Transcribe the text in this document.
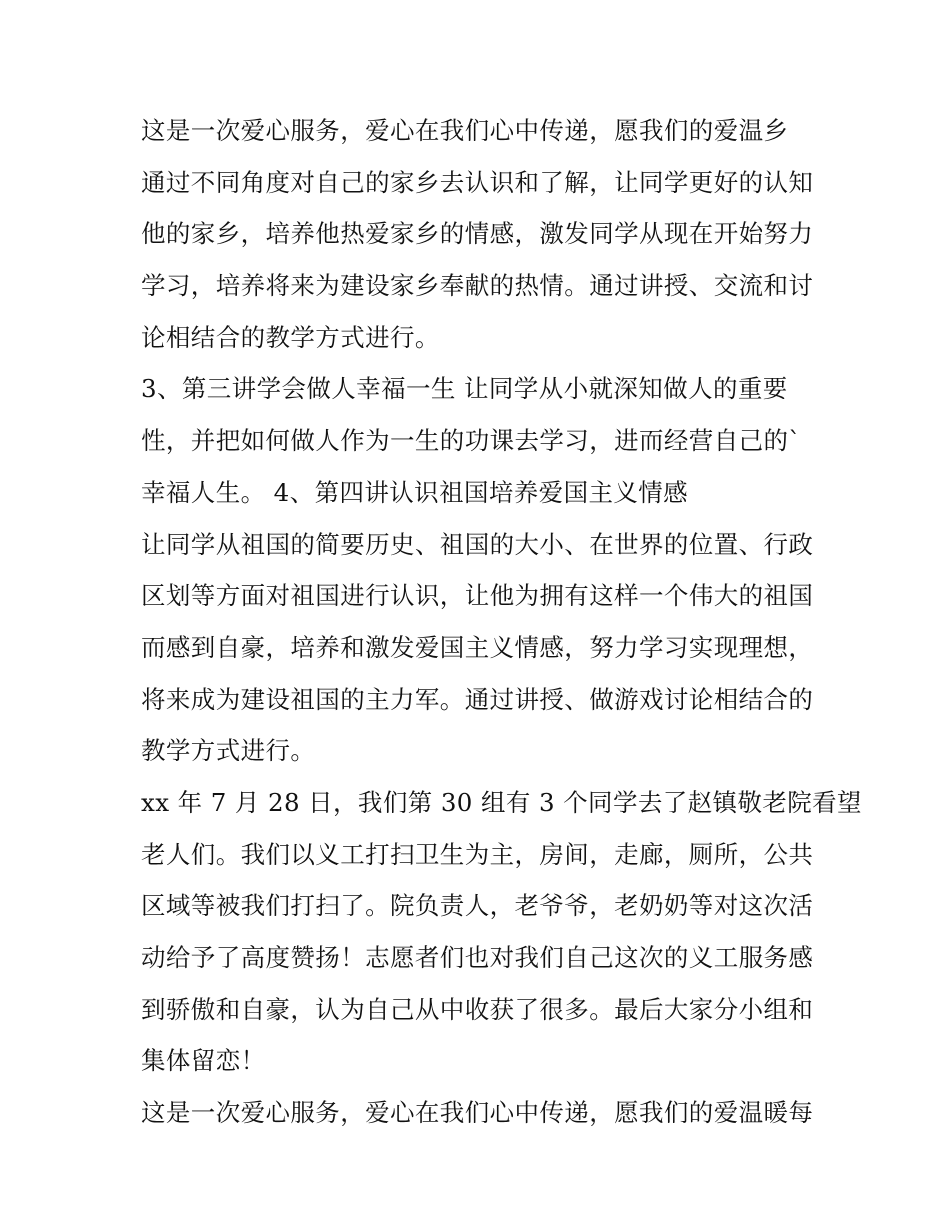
这是一次爱心服务，爱心在我们心中传递，愿我们的爱温乡
通过不同角度对自己的家乡去认识和了解，让同学更好的认知
他的家乡，培养他热爱家乡的情感，激发同学从现在开始努力
学习，培养将来为建设家乡奉献的热情。通过讲授、交流和讨
论相结合的教学方式进行。
3、第三讲学会做人幸福一生 让同学从小就深知做人的重要
性，并把如何做人作为一生的功课去学习，进而经营自己的`
幸福人生。 4、第四讲认识祖国培养爱国主义情感
让同学从祖国的简要历史、祖国的大小、在世界的位置、行政
区划等方面对祖国进行认识，让他为拥有这样一个伟大的祖国
而感到自豪，培养和激发爱国主义情感，努力学习实现理想，
将来成为建设祖国的主力军。通过讲授、做游戏讨论相结合的
教学方式进行。
xx 年 7 月 28 日，我们第 30 组有 3 个同学去了赵镇敬老院看望
老人们。我们以义工打扫卫生为主，房间，走廊，厕所，公共
区域等被我们打扫了。院负责人，老爷爷，老奶奶等对这次活
动给予了高度赞扬！志愿者们也对我们自己这次的义工服务感
到骄傲和自豪，认为自己从中收获了很多。最后大家分小组和
集体留恋！
这是一次爱心服务，爱心在我们心中传递，愿我们的爱温暖每
